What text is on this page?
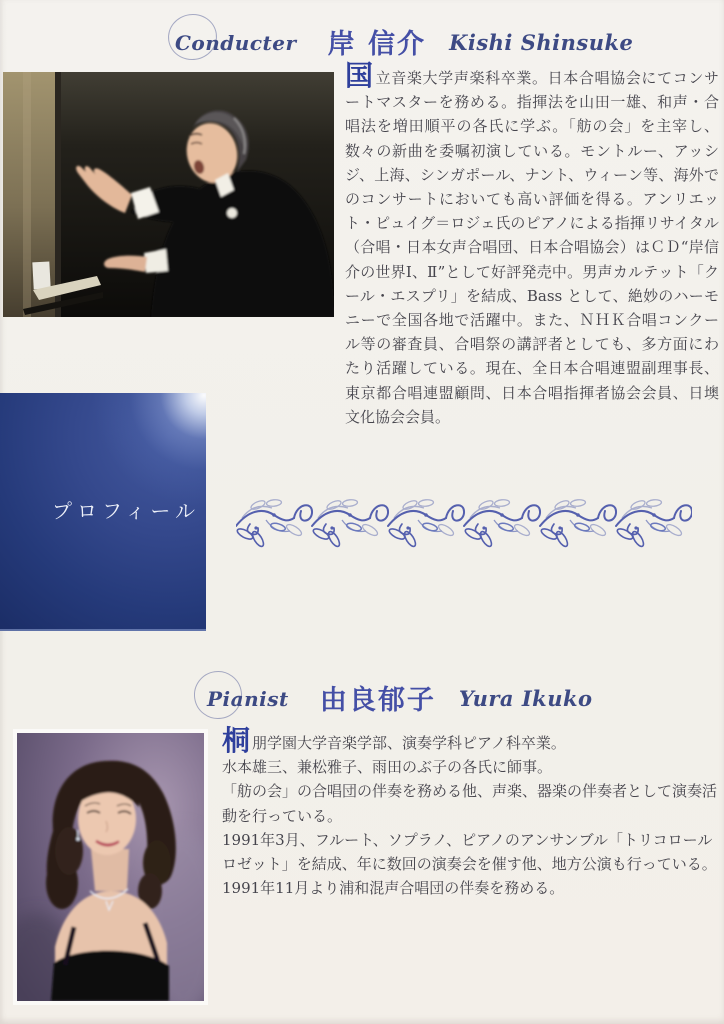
Conducter 岸 信介 Kishi Shinsuke
国立音楽大学声楽科卒業。日本合唱協会にてコンサートマスターを務める。指揮法を山田一雄、和声・合唱法を増田順平の各氏に学ぶ。「舫の会」を主宰し、数々の新曲を委嘱初演している。モントルー、アッシジ、上海、シンガポール、ナント、ウィーン等、海外でのコンサートにおいても高い評価を得る。アンリエット・ピュイグ＝ロジェ氏のピアノによる指揮リサイタル（合唱・日本女声合唱団、日本合唱協会）はＣＤ“岸信介の世界Ⅰ、Ⅱ”として好評発売中。男声カルテット「クール・エスプリ」を結成、Bass として、絶妙のハーモニーで全国各地で活躍中。また、ＮＨＫ合唱コンクール等の審査員、合唱祭の講評者としても、多方面にわたり活躍している。現在、全日本合唱連盟副理事長、東京都合唱連盟顧問、日本合唱指揮者協会会員、日墺文化協会会員。
プロフィール
Pianist 由良郁子 Yura Ikuko

桐朋学園大学音楽学部、演奏学科ピアノ科卒業。

水本雄三、兼松雅子、雨田のぶ子の各氏に師事。

「舫の会」の合唱団の伴奏を務める他、声楽、器楽の伴奏者として演奏活動を行っている。

1991年3月、フルート、ソプラノ、ピアノのアンサンブル「トリコロールロゼット」を結成、年に数回の演奏会を催す他、地方公演も行っている。

1991年11月より浦和混声合唱団の伴奏を務める。
